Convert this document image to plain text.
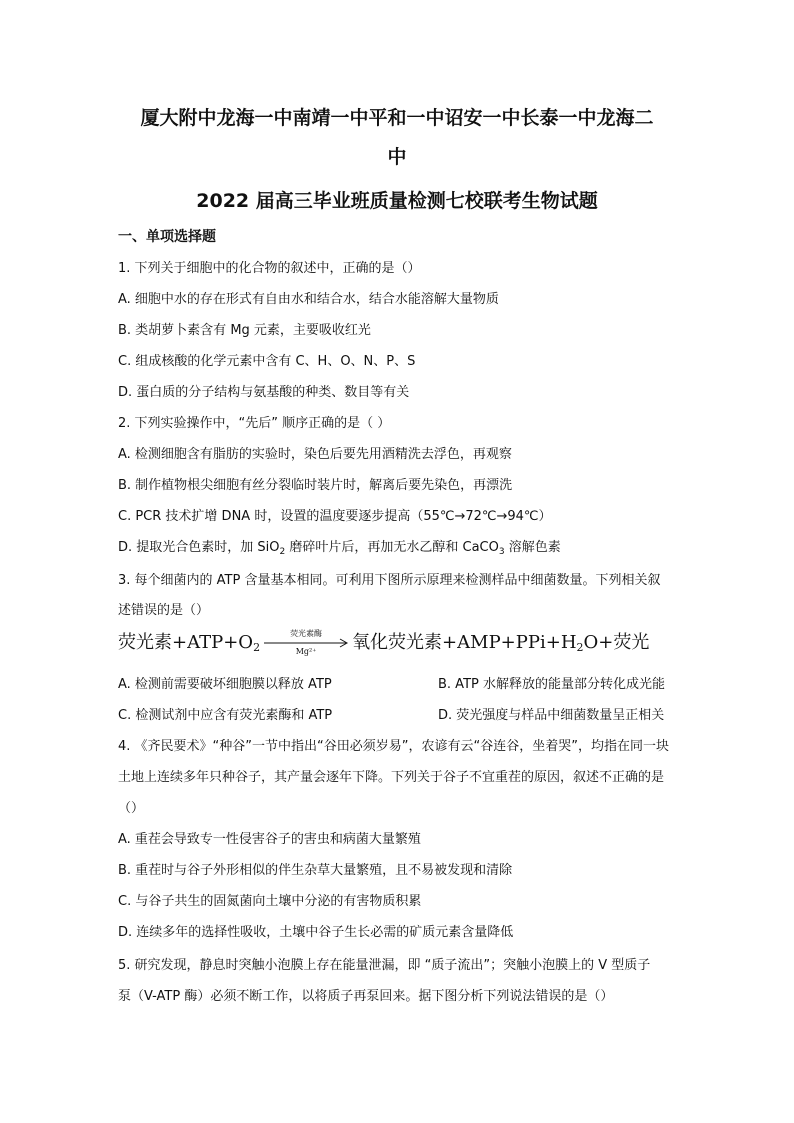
厦大附中龙海一中南靖一中平和一中诏安一中长泰一中龙海二
中
2022 届高三毕业班质量检测七校联考生物试题
一、单项选择题
1. 下列关于细胞中的化合物的叙述中，正确的是（）
A. 细胞中水的存在形式有自由水和结合水，结合水能溶解大量物质
B. 类胡萝卜素含有 Mg 元素，主要吸收红光
C. 组成核酸的化学元素中含有 C、H、O、N、P、S
D. 蛋白质的分子结构与氨基酸的种类、数目等有关
2. 下列实验操作中，“先后” 顺序正确的是（ ）
A. 检测细胞含有脂肪的实验时，染色后要先用酒精洗去浮色，再观察
B. 制作植物根尖细胞有丝分裂临时装片时，解离后要先染色，再漂洗
C. PCR 技术扩增 DNA 时，设置的温度要逐步提高（55℃→72℃→94℃）
D. 提取光合色素时，加 SiO$_2$ 磨碎叶片后，再加无水乙醇和 CaCO$_3$ 溶解色素
3. 每个细菌内的 ATP 含量基本相同。可利用下图所示原理来检测样品中细菌数量。下列相关叙
述错误的是（）
荧光素$+ATP+O_2$
荧光素酶
Mg²⁺	氧化荧光素$+AMP+PPi+H_2O+$荧光
A. 检测前需要破坏细胞膜以释放 ATP	B. ATP 水解释放的能量部分转化成光能
C. 检测试剂中应含有荧光素酶和 ATP	D. 荧光强度与样品中细菌数量呈正相关
4. 《齐民要术》“种谷”一节中指出“谷田必须岁易”，农谚有云“谷连谷，坐着哭”，均指在同一块
土地上连续多年只种谷子，其产量会逐年下降。下列关于谷子不宜重茬的原因，叙述不正确的是
（）
A. 重茬会导致专一性侵害谷子的害虫和病菌大量繁殖
B. 重茬时与谷子外形相似的伴生杂草大量繁殖，且不易被发现和清除
C. 与谷子共生的固氮菌向土壤中分泌的有害物质积累
D. 连续多年的选择性吸收，土壤中谷子生长必需的矿质元素含量降低
5. 研究发现，静息时突触小泡膜上存在能量泄漏，即 “质子流出”；突触小泡膜上的 V 型质子
泵（V-ATP 酶）必须不断工作，以将质子再泵回来。据下图分析下列说法错误的是（）
